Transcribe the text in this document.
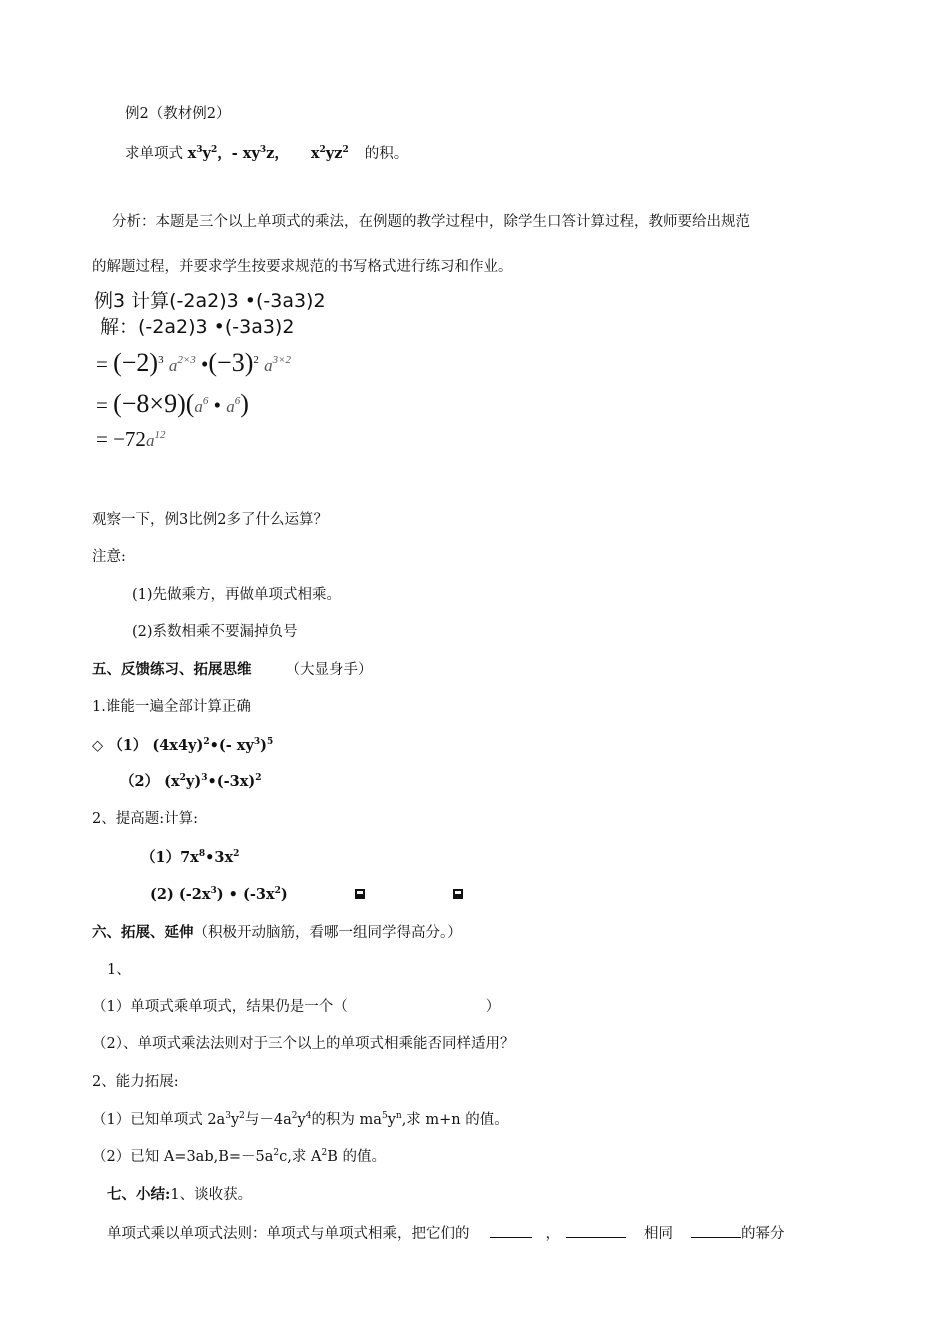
例2（教材例2）
求单项式 $x^3y^2$，- $xy^3z$， $x^2yz^2$ 的积。
分析：本题是三个以上单项式的乘法，在例题的教学过程中，除学生口答计算过程，教师要给出规范
的解题过程，并要求学生按要求规范的书写格式进行练习和作业。
例3 计算(-2a2)3 •(-3a3)2
解：(-2a2)3 •(-3a3)2
= $(-2)^3$ $a^{2\times 3}$ $•(-3)^2$ $a^{3\times 2}$
= $(-8\times 9)(a^6$ • $a^6$)
= $-72a^{12}$
观察一下，例3比例2多了什么运算？
注意:
(1)先做乘方，再做单项式相乘。
(2)系数相乘不要漏掉负号
五、反馈练习、拓展思维 （大显身手）
1.谁能一遍全部计算正确
◇ （1） $(4x4y)^2•(-$ $xy^3)^5$
（2） $(x^2y)^3•(-3x)^2$
2、提高题:计算:
$(1)7x^8•3x^2$
(2) $(-2x^3)$ • $(-3x^2)$
六、拓展、延伸（积极开动脑筋，看哪一组同学得高分。）
1、
（1）单项式乘单项式，结果仍是一个（	）
（2）、单项式乘法法则对于三个以上的单项式相乘能否同样适用？
2、能力拓展:
（1）已知单项式 $2a^3y^2$与$-4a^2y^4$的积为 $ma^5y^n$,求 m+n 的值。
（2）已知 $A=3ab,B=-5a^2c$,求 $A^2B$ 的值。
七、小结:1、谈收获。
单项式乘以单项式法则：单项式与单项式相乘，把它们的	，	相同	的幂分
